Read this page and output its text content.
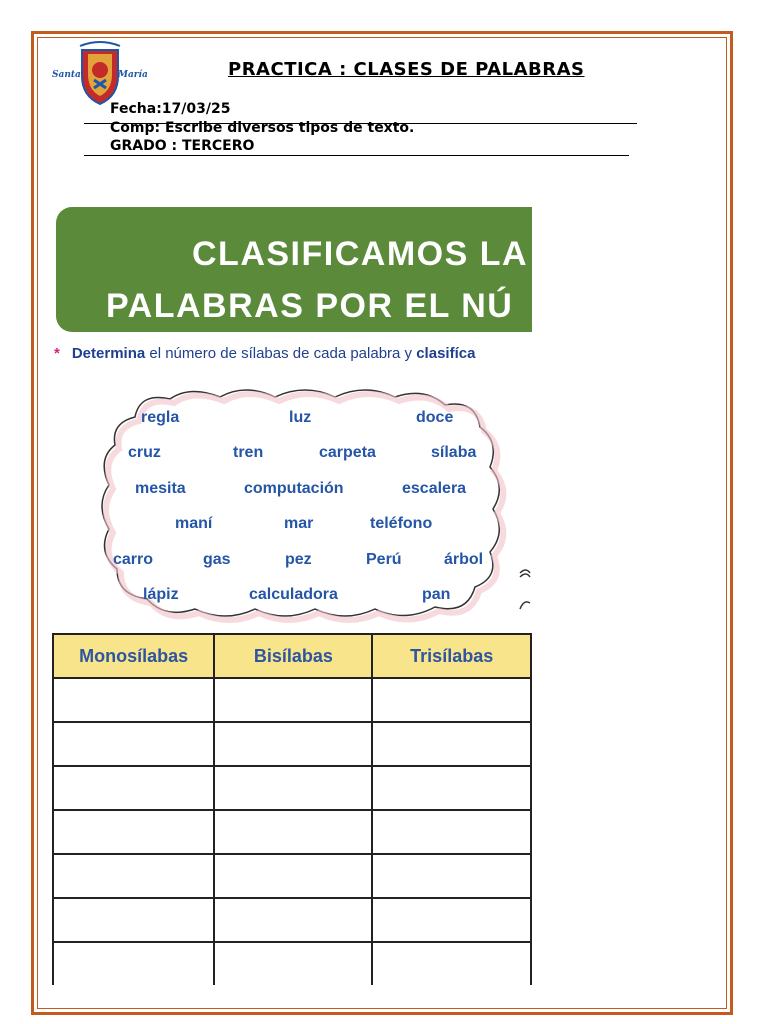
Santa	María	PRACTICA : CLASES DE PALABRAS
Fecha:17/03/25
Comp: Escribe diversos tipos de texto.
GRADO : TERCERO
CLASIFICAMOS LA
PALABRAS POR EL NÚ
* Determina el número de sílabas de cada palabra y clasifíca
regla	luz	doce
cruz	tren	carpeta	sílaba
mesita	computación	escalera
maní	mar	teléfono
carro	gas	pez	Perú	árbol
lápiz	calculadora	pan
Monosílabas	Bisílabas	Trisílabas
